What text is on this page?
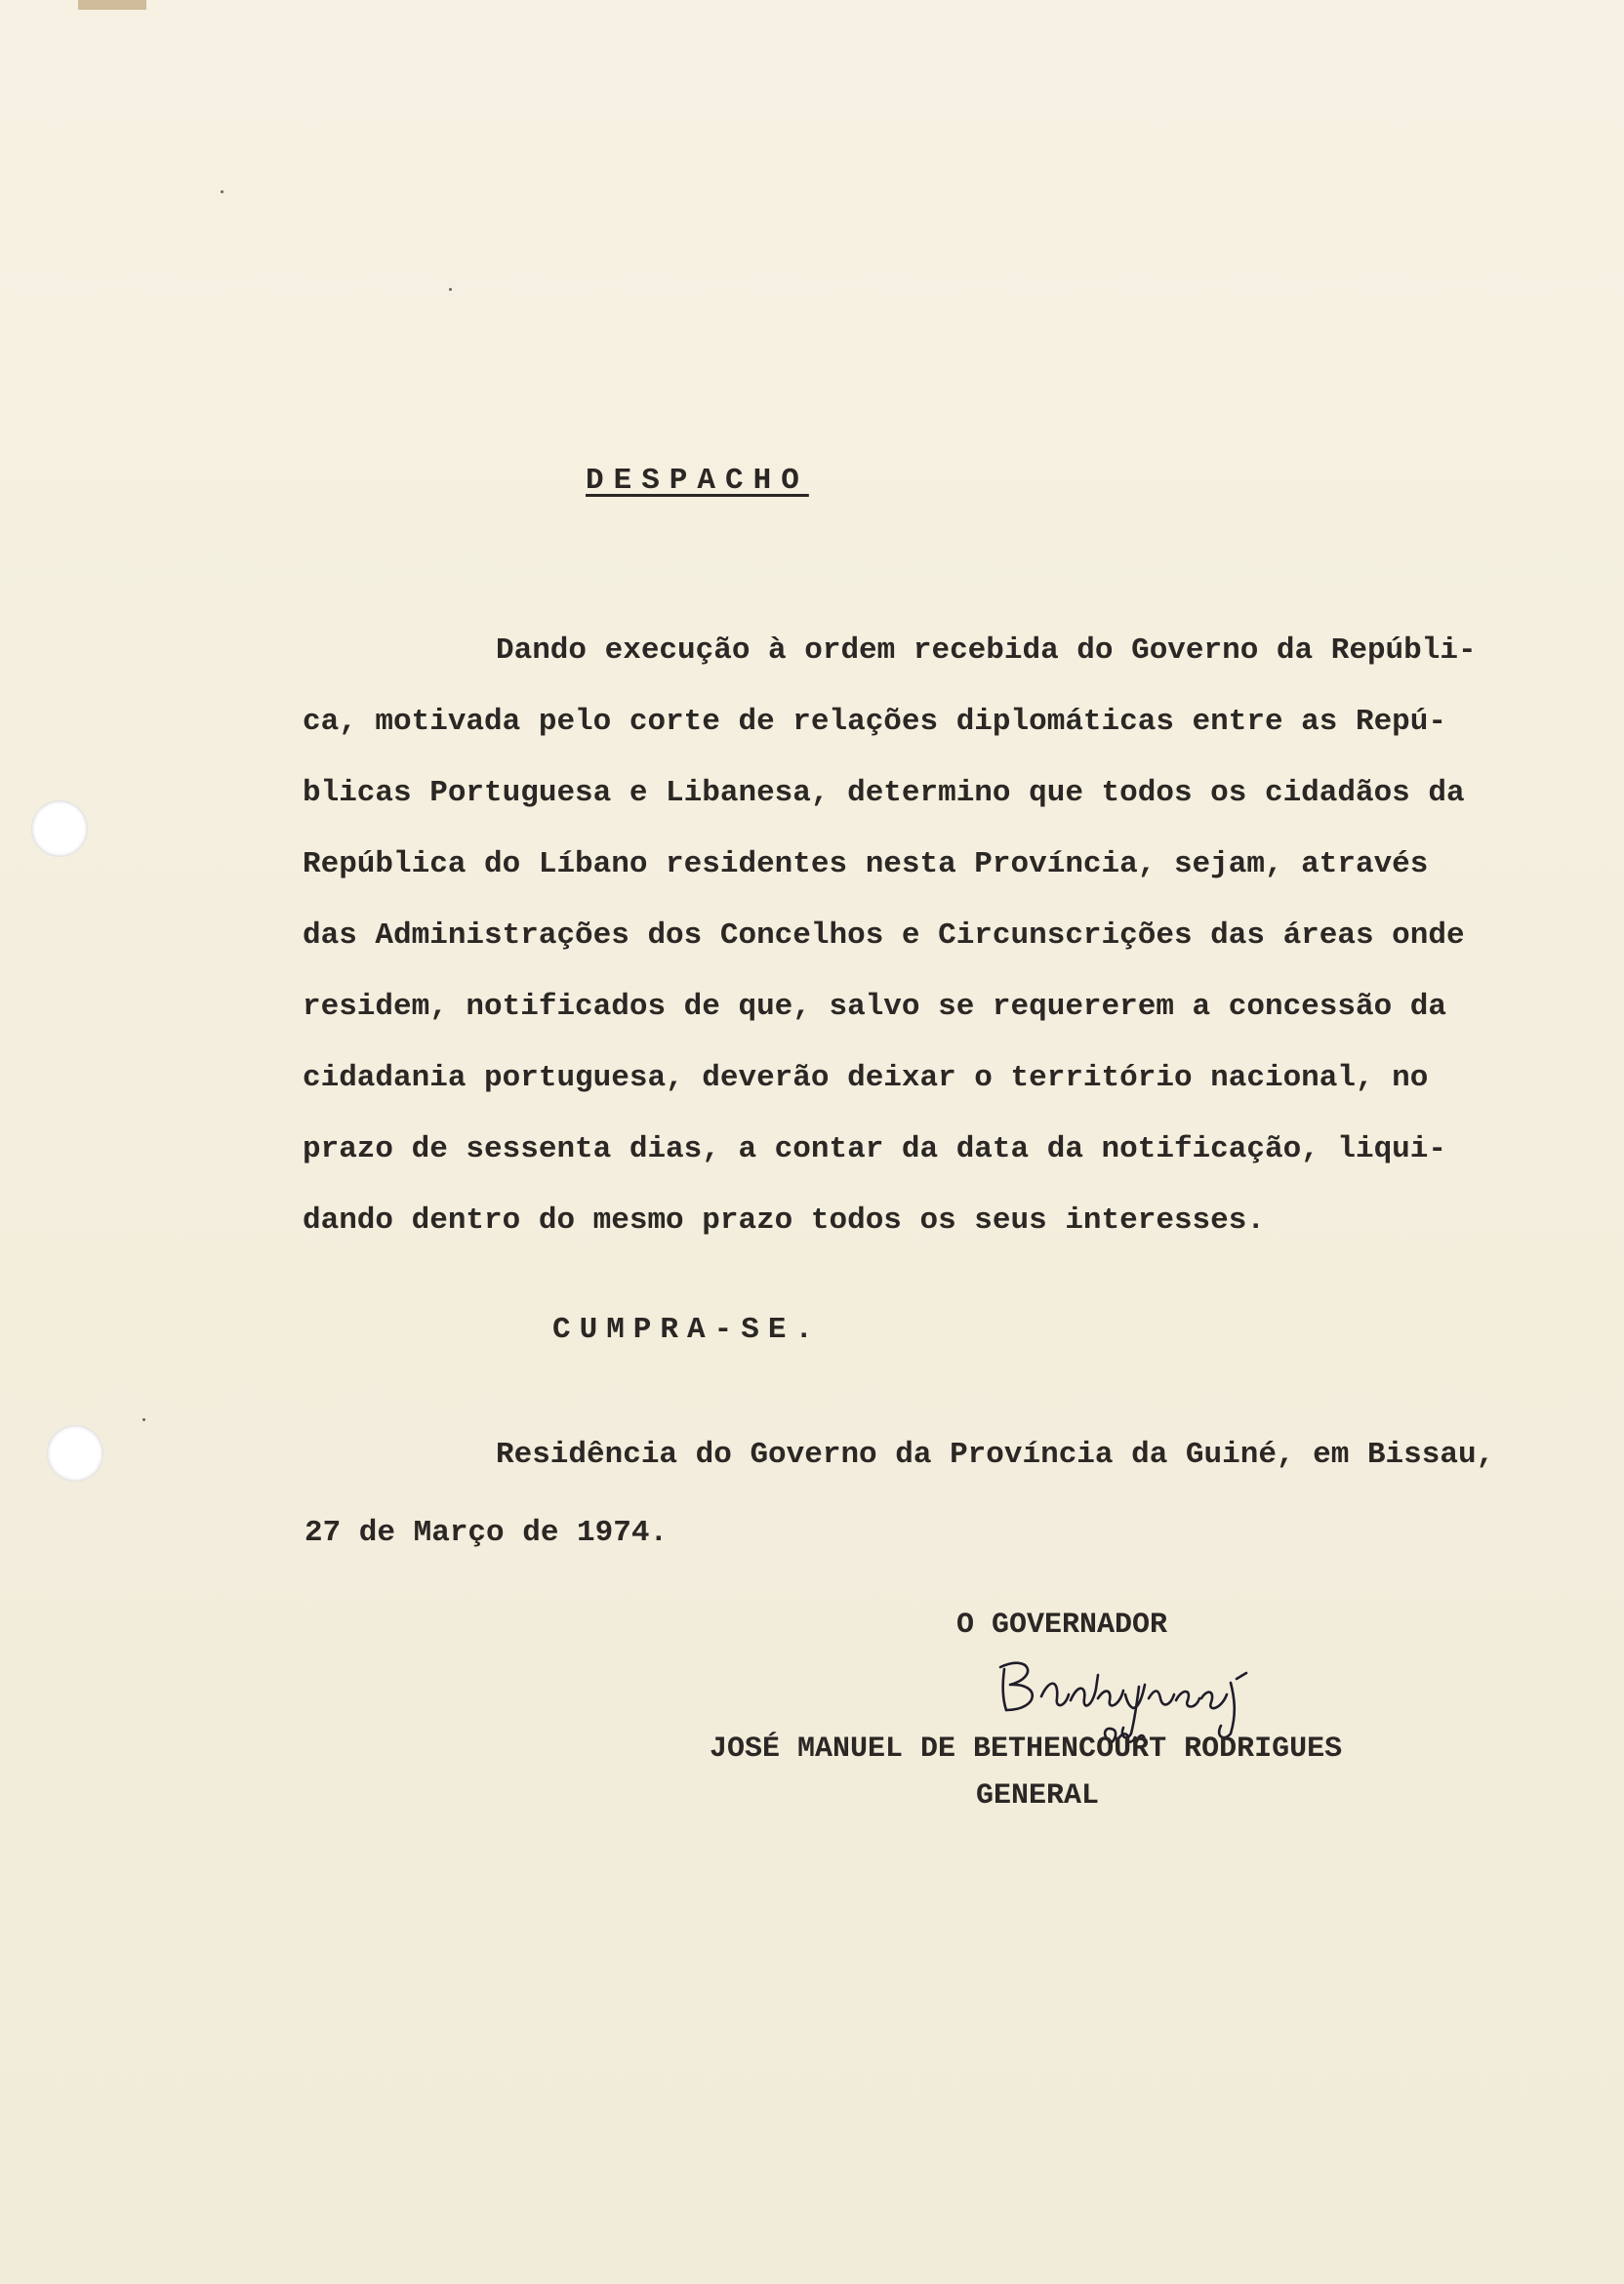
DESPACHO
Dando execução à ordem recebida do Governo da Repúbli-
ca, motivada pelo corte de relações diplomáticas entre as Repú-
blicas Portuguesa e Libanesa, determino que todos os cidadãos da
República do Líbano residentes nesta Província, sejam, através
das Administrações dos Concelhos e Circunscrições das áreas onde
residem, notificados de que, salvo se requererem a concessão da
cidadania portuguesa, deverão deixar o território nacional, no
prazo de sessenta dias, a contar da data da notificação, liqui-
dando dentro do mesmo prazo todos os seus interesses.
CUMPRA-SE.
Residência do Governo da Província da Guiné, em Bissau,
27 de Março de 1974.
O GOVERNADOR
JOSÉ MANUEL DE BETHENCOURT RODRIGUES
GENERAL
